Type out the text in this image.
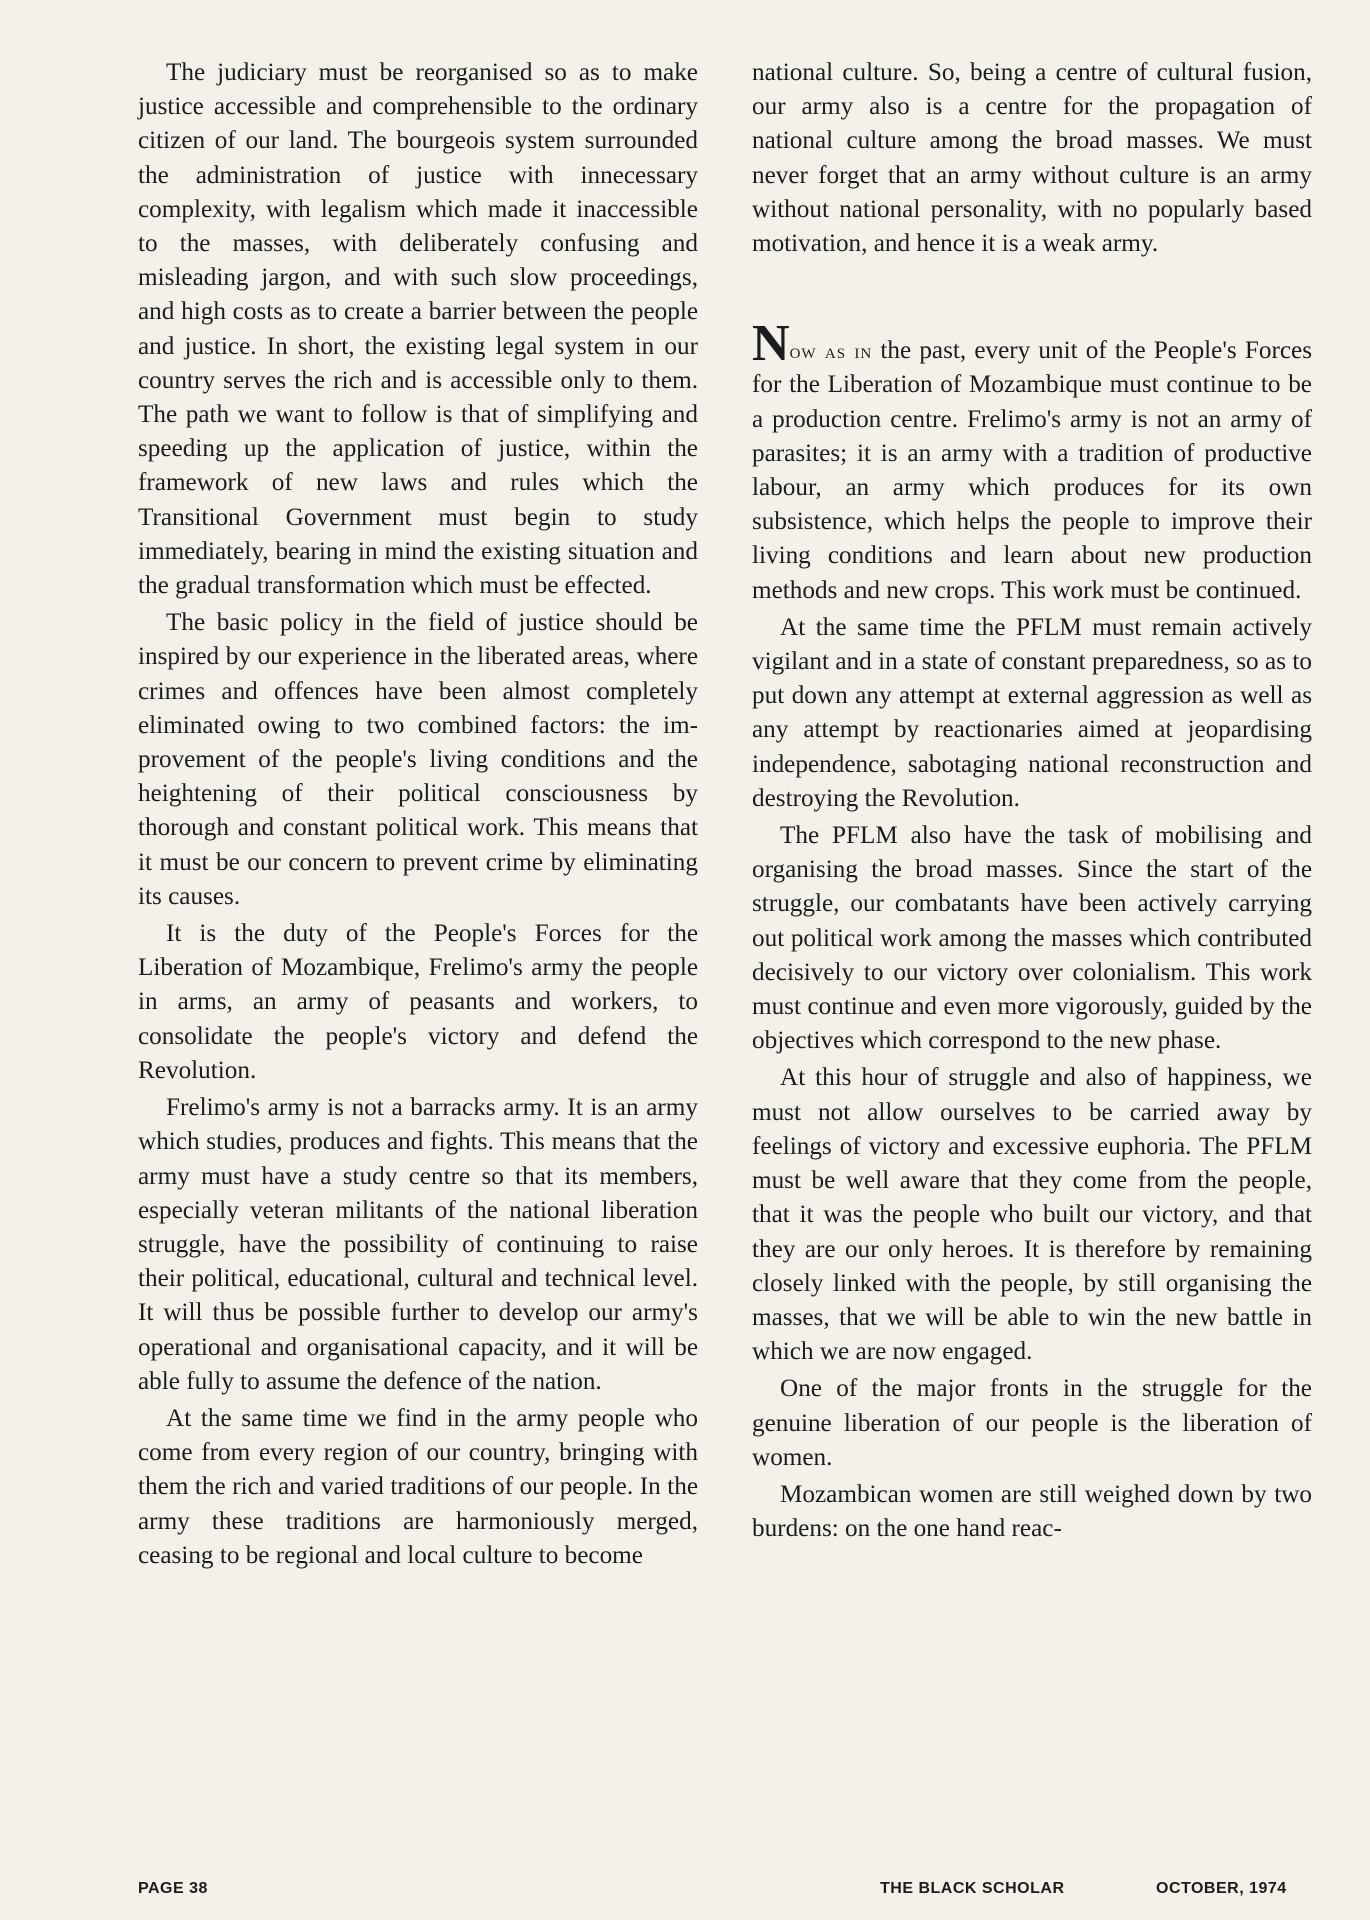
The judiciary must be reorganised so as to make justice accessible and comprehensible to the ordinary citizen of our land. The bourgeois system surrounded the administration of justice with innecessary complexity, with legalism which made it inaccessible to the masses, with deliberately confusing and misleading jargon, and with such slow proceedings, and high costs as to create a barrier between the people and justice. In short, the existing legal system in our country serves the rich and is accessible only to them. The path we want to follow is that of simplifying and speeding up the application of justice, within the framework of new laws and rules which the Transitional Government must begin to study immediately, bearing in mind the existing situation and the gradual transformation which must be effected.

The basic policy in the field of justice should be inspired by our experience in the liberated areas, where crimes and offences have been almost completely eliminated owing to two combined factors: the improvement of the people's living conditions and the heightening of their political consciousness by thorough and constant political work. This means that it must be our concern to prevent crime by eliminating its causes.

It is the duty of the People's Forces for the Liberation of Mozambique, Frelimo's army the people in arms, an army of peasants and workers, to consolidate the people's victory and defend the Revolution.

Frelimo's army is not a barracks army. It is an army which studies, produces and fights. This means that the army must have a study centre so that its members, especially veteran militants of the national liberation struggle, have the possibility of continuing to raise their political, educational, cultural and technical level. It will thus be possible further to develop our army's operational and organisational capacity, and it will be able fully to assume the defence of the nation.

At the same time we find in the army people who come from every region of our country, bringing with them the rich and varied traditions of our people. In the army these traditions are harmoniously merged, ceasing to be regional and local culture to become

national culture. So, being a centre of cultural fusion, our army also is a centre for the propagation of national culture among the broad masses. We must never forget that an army without culture is an army without national personality, with no popularly based motivation, and hence it is a weak army.

Now as in the past, every unit of the People's Forces for the Liberation of Mozambique must continue to be a production centre. Frelimo's army is not an army of parasites; it is an army with a tradition of productive labour, an army which produces for its own subsistence, which helps the people to improve their living conditions and learn about new production methods and new crops. This work must be continued.

At the same time the PFLM must remain actively vigilant and in a state of constant preparedness, so as to put down any attempt at external aggression as well as any attempt by reactionaries aimed at jeopardising independence, sabotaging national reconstruction and destroying the Revolution.

The PFLM also have the task of mobilising and organising the broad masses. Since the start of the struggle, our combatants have been actively carrying out political work among the masses which contributed decisively to our victory over colonialism. This work must continue and even more vigorously, guided by the objectives which correspond to the new phase.

At this hour of struggle and also of happiness, we must not allow ourselves to be carried away by feelings of victory and excessive euphoria. The PFLM must be well aware that they come from the people, that it was the people who built our victory, and that they are our only heroes. It is therefore by remaining closely linked with the people, by still organising the masses, that we will be able to win the new battle in which we are now engaged.

One of the major fronts in the struggle for the genuine liberation of our people is the liberation of women.

Mozambican women are still weighed down by two burdens: on the one hand reac-

PAGE 38	THE BLACK SCHOLAR	OCTOBER, 1974
